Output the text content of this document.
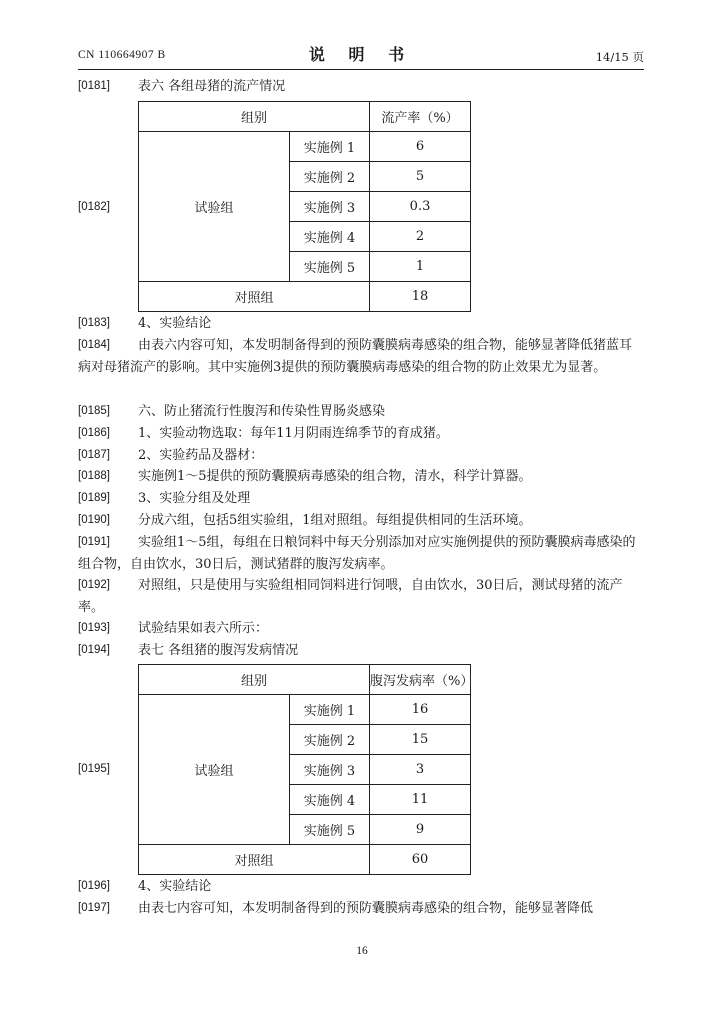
CN 110664907 B	说 明 书	14/15 页
[0181] 表六 各组母猪的流产情况
[0182]
组别		流产率（%）
试验组	实施例 1	6
	实施例 2	5
	实施例 3	0.3
	实施例 4	2
	实施例 5	1
对照组		18
[0183] 4、实验结论
[0184]	由表六内容可知，本发明制备得到的预防囊膜病毒感染的组合物，能够显著降低猪蓝耳病对母猪流产的影响。其中实施例3提供的预防囊膜病毒感染的组合物的防止效果尤为显著。
[0185] 六、防止猪流行性腹泻和传染性胃肠炎感染
[0186] 1、实验动物选取：每年11月阴雨连绵季节的育成猪。
[0187] 2、实验药品及器材：
[0188] 实施例1～5提供的预防囊膜病毒感染的组合物，清水，科学计算器。
[0189] 3、实验分组及处理
[0190] 分成六组，包括5组实验组，1组对照组。每组提供相同的生活环境。
[0191]	实验组1～5组，每组在日粮饲料中每天分别添加对应实施例提供的预防囊膜病毒感染的组合物，自由饮水，30日后，测试猪群的腹泻发病率。
[0192]	对照组，只是使用与实验组相同饲料进行饲喂，自由饮水，30日后，测试母猪的流产率。
[0193] 试验结果如表六所示：
[0194] 表七 各组猪的腹泻发病情况
[0195]
组别		腹泻发病率（%）
试验组	实施例 1	16
	实施例 2	15
	实施例 3	3
	实施例 4	11
	实施例 5	9
对照组		60
[0196] 4、实验结论
[0197] 由表七内容可知，本发明制备得到的预防囊膜病毒感染的组合物，能够显著降低
16
